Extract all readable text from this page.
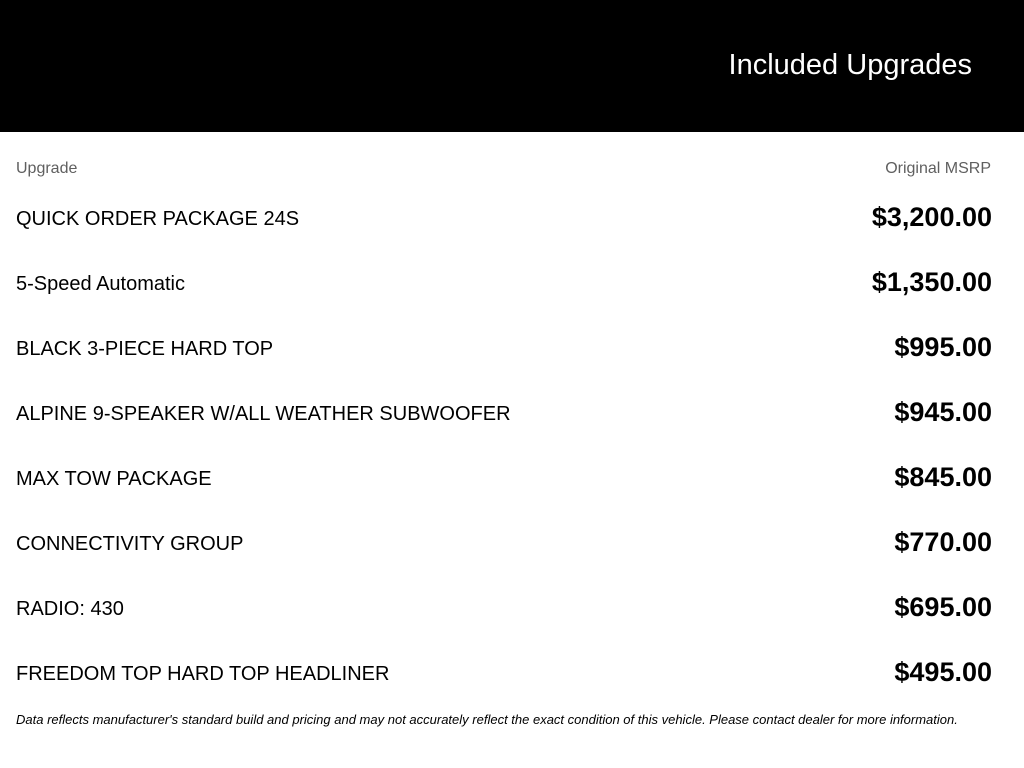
Included Upgrades
Upgrade	Original MSRP
QUICK ORDER PACKAGE 24S	$3,200.00
5-Speed Automatic	$1,350.00
BLACK 3-PIECE HARD TOP	$995.00
ALPINE 9-SPEAKER W/ALL WEATHER SUBWOOFER	$945.00
MAX TOW PACKAGE	$845.00
CONNECTIVITY GROUP	$770.00
RADIO: 430	$695.00
FREEDOM TOP HARD TOP HEADLINER	$495.00
Data reflects manufacturer's standard build and pricing and may not accurately reflect the exact condition of this vehicle. Please contact dealer for more information.
